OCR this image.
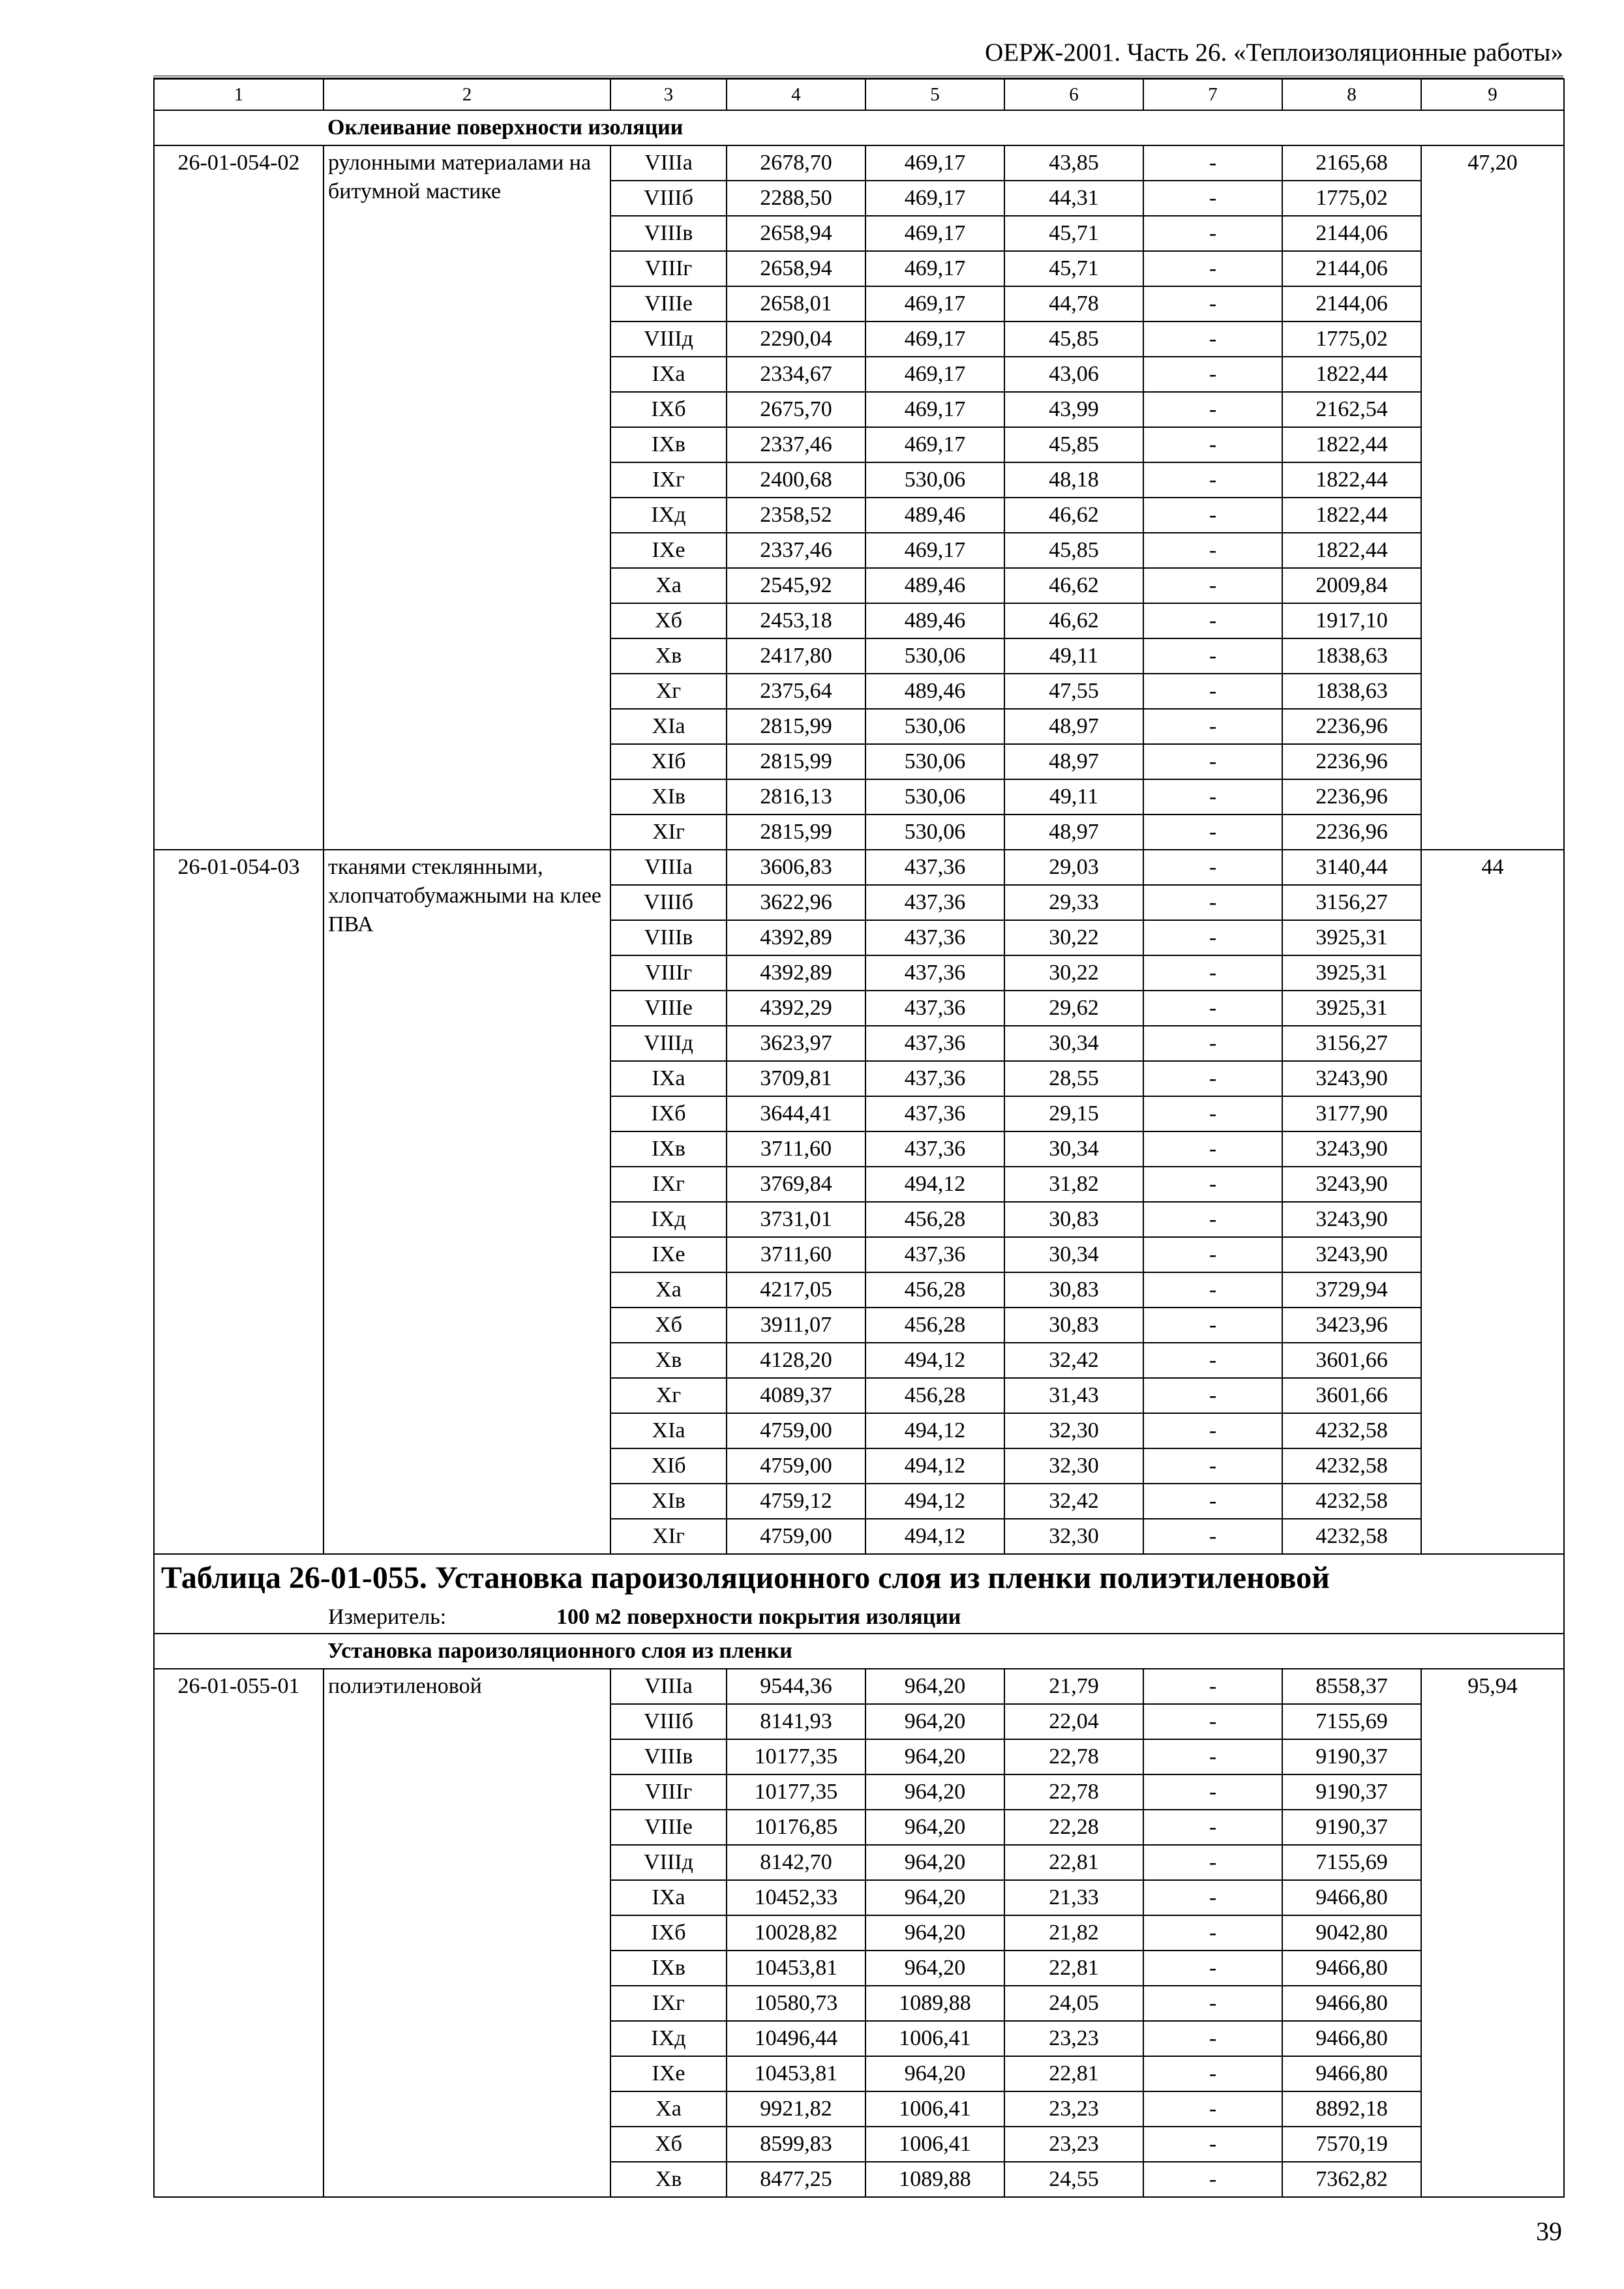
ОЕРЖ-2001. Часть 26. «Теплоизоляционные работы»
1	2	3	4	5	6	7	8	9
	Оклеивание поверхности изоляции							
26-01-054-02	рулонными материалами на битумной мастике	VIIIа	2678,70	469,17	43,85	-	2165,68	47,20
		VIIIб	2288,50	469,17	44,31	-	1775,02	
		VIIIв	2658,94	469,17	45,71	-	2144,06	
		VIIIг	2658,94	469,17	45,71	-	2144,06	
		VIIIе	2658,01	469,17	44,78	-	2144,06	
		VIIIд	2290,04	469,17	45,85	-	1775,02	
		IXа	2334,67	469,17	43,06	-	1822,44	
		IXб	2675,70	469,17	43,99	-	2162,54	
		IXв	2337,46	469,17	45,85	-	1822,44	
		IXг	2400,68	530,06	48,18	-	1822,44	
		IXд	2358,52	489,46	46,62	-	1822,44	
		IXе	2337,46	469,17	45,85	-	1822,44	
		Xа	2545,92	489,46	46,62	-	2009,84	
		Xб	2453,18	489,46	46,62	-	1917,10	
		Xв	2417,80	530,06	49,11	-	1838,63	
		Xг	2375,64	489,46	47,55	-	1838,63	
		XIа	2815,99	530,06	48,97	-	2236,96	
		XIб	2815,99	530,06	48,97	-	2236,96	
		XIв	2816,13	530,06	49,11	-	2236,96	
		XIг	2815,99	530,06	48,97	-	2236,96	
26-01-054-03	тканями стеклянными, хлопчатобумажными на клее ПВА	VIIIа	3606,83	437,36	29,03	-	3140,44	44
		VIIIб	3622,96	437,36	29,33	-	3156,27	
		VIIIв	4392,89	437,36	30,22	-	3925,31	
		VIIIг	4392,89	437,36	30,22	-	3925,31	
		VIIIе	4392,29	437,36	29,62	-	3925,31	
		VIIIд	3623,97	437,36	30,34	-	3156,27	
		IXа	3709,81	437,36	28,55	-	3243,90	
		IXб	3644,41	437,36	29,15	-	3177,90	
		IXв	3711,60	437,36	30,34	-	3243,90	
		IXг	3769,84	494,12	31,82	-	3243,90	
		IXд	3731,01	456,28	30,83	-	3243,90	
		IXе	3711,60	437,36	30,34	-	3243,90	
		Xа	4217,05	456,28	30,83	-	3729,94	
		Xб	3911,07	456,28	30,83	-	3423,96	
		Xв	4128,20	494,12	32,42	-	3601,66	
		Xг	4089,37	456,28	31,43	-	3601,66	
		XIа	4759,00	494,12	32,30	-	4232,58	
		XIб	4759,00	494,12	32,30	-	4232,58	
		XIв	4759,12	494,12	32,42	-	4232,58	
		XIг	4759,00	494,12	32,30	-	4232,58	
Таблица 26-01-055. Установка пароизоляционного слоя из пленки полиэтиленовой								
Измеритель: 100 м2 поверхности покрытия изоляции								
	Установка пароизоляционного слоя из пленки							
26-01-055-01	полиэтиленовой	VIIIа	9544,36	964,20	21,79	-	8558,37	95,94
		VIIIб	8141,93	964,20	22,04	-	7155,69	
		VIIIв	10177,35	964,20	22,78	-	9190,37	
		VIIIг	10177,35	964,20	22,78	-	9190,37	
		VIIIе	10176,85	964,20	22,28	-	9190,37	
		VIIIд	8142,70	964,20	22,81	-	7155,69	
		IXа	10452,33	964,20	21,33	-	9466,80	
		IXб	10028,82	964,20	21,82	-	9042,80	
		IXв	10453,81	964,20	22,81	-	9466,80	
		IXг	10580,73	1089,88	24,05	-	9466,80	
		IXд	10496,44	1006,41	23,23	-	9466,80	
		IXе	10453,81	964,20	22,81	-	9466,80	
		Xа	9921,82	1006,41	23,23	-	8892,18	
		Xб	8599,83	1006,41	23,23	-	7570,19	
		Xв	8477,25	1089,88	24,55	-	7362,82	
39
